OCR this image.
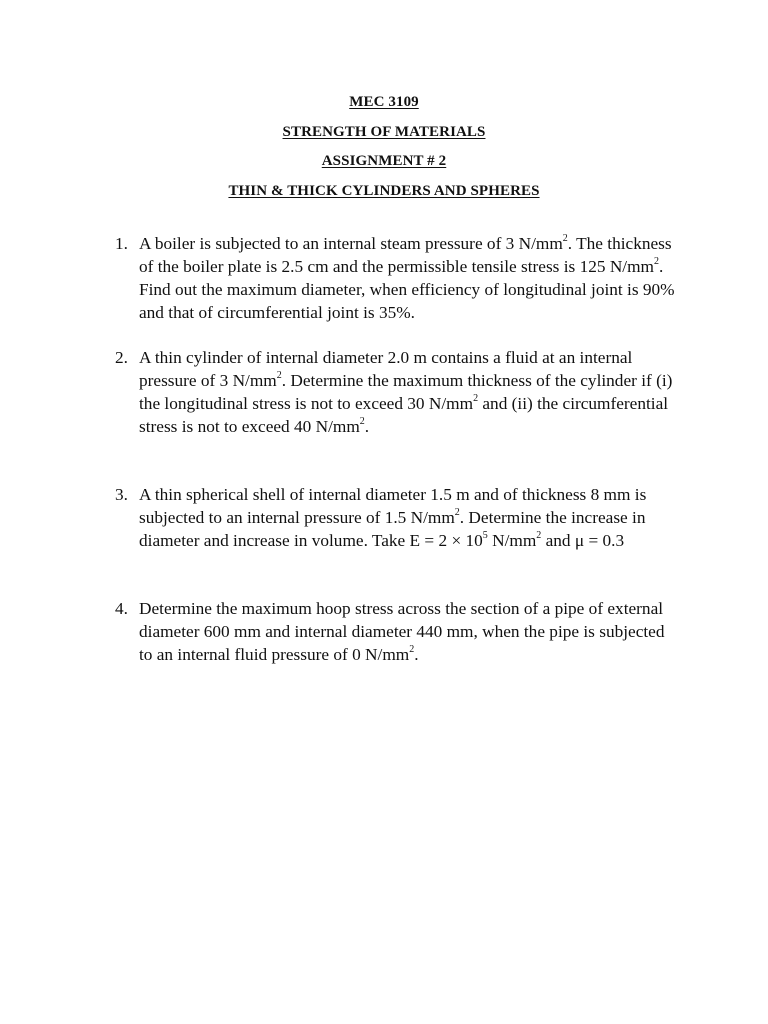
MEC 3109
STRENGTH OF MATERIALS
ASSIGNMENT # 2
THIN & THICK CYLINDERS AND SPHERES
1. A boiler is subjected to an internal steam pressure of 3 $N/mm^2$. The thickness of the boiler plate is 2.5 cm and the permissible tensile stress is 125 $N/mm^2$. Find out the maximum diameter, when efficiency of longitudinal joint is 90% and that of circumferential joint is 35%.
2. A thin cylinder of internal diameter 2.0 m contains a fluid at an internal pressure of 3 $N/mm^2$. Determine the maximum thickness of the cylinder if (i) the longitudinal stress is not to exceed 30 $N/mm^2$ and (ii) the circumferential stress is not to exceed 40 $N/mm^2$.
3. A thin spherical shell of internal diameter 1.5 m and of thickness 8 mm is subjected to an internal pressure of 1.5 $N/mm^2$. Determine the increase in diameter and increase in volume. Take $E = 2 \times 10^5$ $N/mm^2$ and μ = 0.3
4. Determine the maximum hoop stress across the section of a pipe of external diameter 600 mm and internal diameter 440 mm, when the pipe is subjected to an internal fluid pressure of 0 $N/mm^2$.
